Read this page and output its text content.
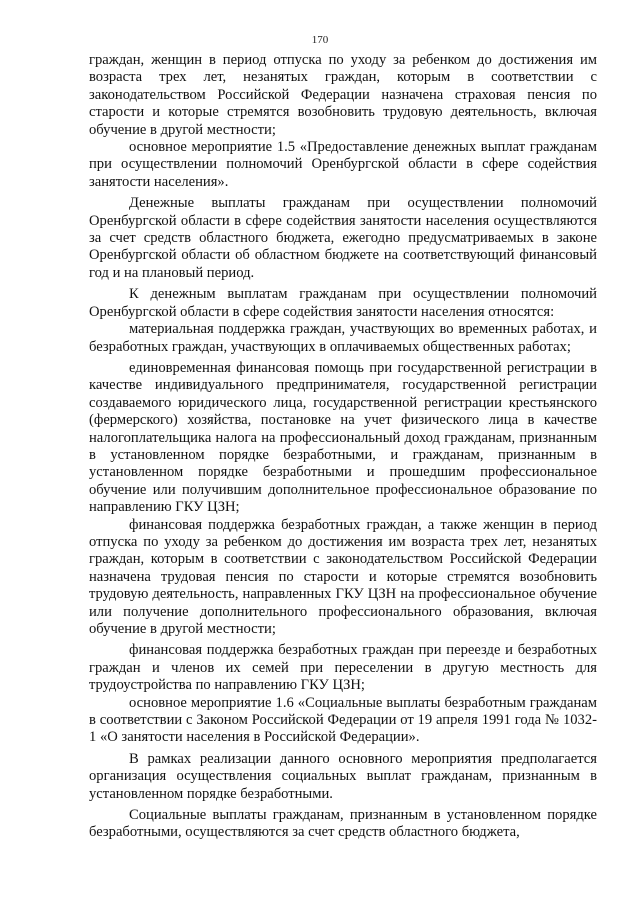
170

граждан, женщин в период отпуска по уходу за ребенком до достижения им возраста трех лет, незанятых граждан, которым в соответствии с законодательством Российской Федерации назначена страховая пенсия по старости и которые стремятся возобновить трудовую деятельность, включая обучение в другой местности;

основное мероприятие 1.5 «Предоставление денежных выплат гражданам при осуществлении полномочий Оренбургской области в сфере содействия занятости населения».

Денежные выплаты гражданам при осуществлении полномочий Оренбургской области в сфере содействия занятости населения осуществляются за счет средств областного бюджета, ежегодно предусматриваемых в законе Оренбургской области об областном бюджете на соответствующий финансовый год и на плановый период.

К денежным выплатам гражданам при осуществлении полномочий Оренбургской области в сфере содействия занятости населения относятся:

материальная поддержка граждан, участвующих во временных работах, и безработных граждан, участвующих в оплачиваемых общественных работах;

единовременная финансовая помощь при государственной регистрации в качестве индивидуального предпринимателя, государственной регистрации создаваемого юридического лица, государственной регистрации крестьянского (фермерского) хозяйства, постановке на учет физического лица в качестве налогоплательщика налога на профессиональный доход гражданам, признанным в установленном порядке безработными, и гражданам, признанным в установленном порядке безработными и прошедшим профессиональное обучение или получившим дополнительное профессиональное образование по направлению ГКУ ЦЗН;

финансовая поддержка безработных граждан, а также женщин в период отпуска по уходу за ребенком до достижения им возраста трех лет, незанятых граждан, которым в соответствии с законодательством Российской Федерации назначена трудовая пенсия по старости и которые стремятся возобновить трудовую деятельность, направленных ГКУ ЦЗН на профессиональное обучение или получение дополнительного профессионального образования, включая обучение в другой местности;

финансовая поддержка безработных граждан при переезде и безработных граждан и членов их семей при переселении в другую местность для трудоустройства по направлению ГКУ ЦЗН;

основное мероприятие 1.6 «Социальные выплаты безработным гражданам в соответствии с Законом Российской Федерации от 19 апреля 1991 года № 1032-1 «О занятости населения в Российской Федерации».

В рамках реализации данного основного мероприятия предполагается организация осуществления социальных выплат гражданам, признанным в установленном порядке безработными.

Социальные выплаты гражданам, признанным в установленном порядке безработными, осуществляются за счет средств областного бюджета,
